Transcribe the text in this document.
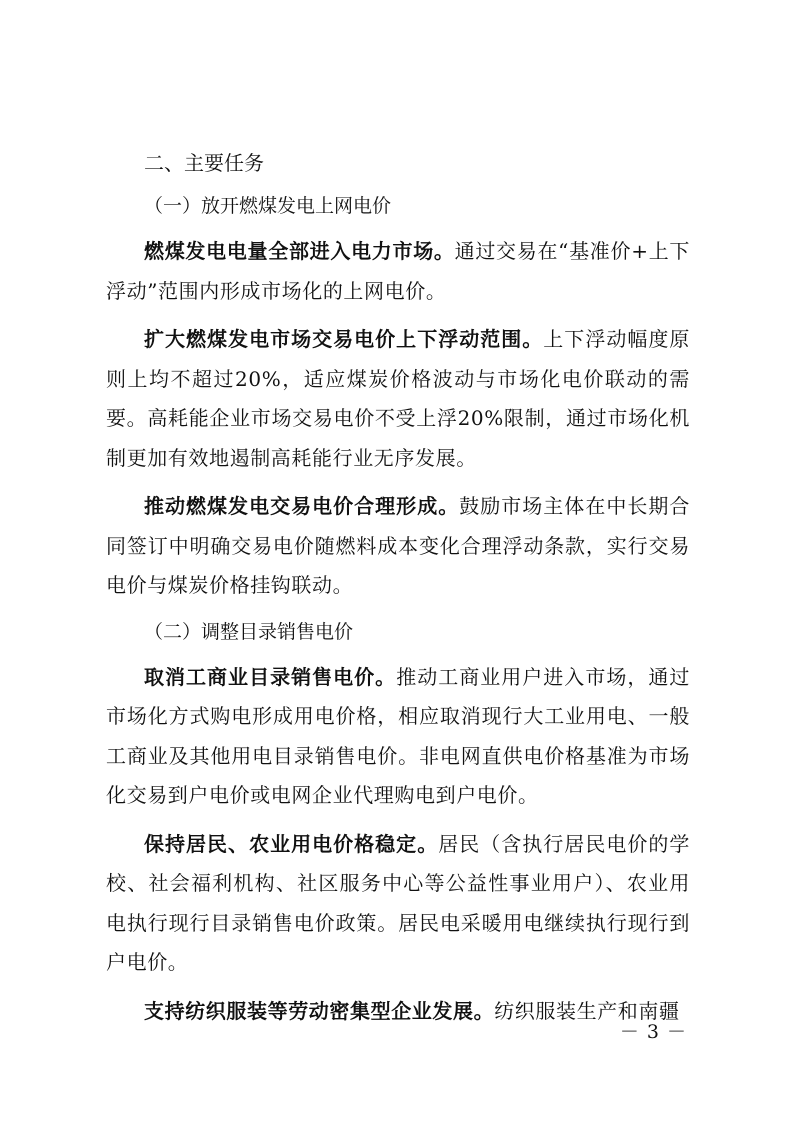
二、主要任务
（一）放开燃煤发电上网电价

燃煤发电电量全部进入电力市场。通过交易在“基准价+上下浮动”范围内形成市场化的上网电价。

扩大燃煤发电市场交易电价上下浮动范围。上下浮动幅度原则上均不超过20%，适应煤炭价格波动与市场化电价联动的需要。高耗能企业市场交易电价不受上浮20%限制，通过市场化机制更加有效地遏制高耗能行业无序发展。

推动燃煤发电交易电价合理形成。鼓励市场主体在中长期合同签订中明确交易电价随燃料成本变化合理浮动条款，实行交易电价与煤炭价格挂钩联动。

（二）调整目录销售电价

取消工商业目录销售电价。推动工商业用户进入市场，通过市场化方式购电形成用电价格，相应取消现行大工业用电、一般工商业及其他用电目录销售电价。非电网直供电价格基准为市场化交易到户电价或电网企业代理购电到户电价。

保持居民、农业用电价格稳定。居民（含执行居民电价的学校、社会福利机构、社区服务中心等公益性事业用户）、农业用电执行现行目录销售电价政策。居民电采暖用电继续执行现行到户电价。

支持纺织服装等劳动密集型企业发展。纺织服装生产和南疆

－ 3 －
